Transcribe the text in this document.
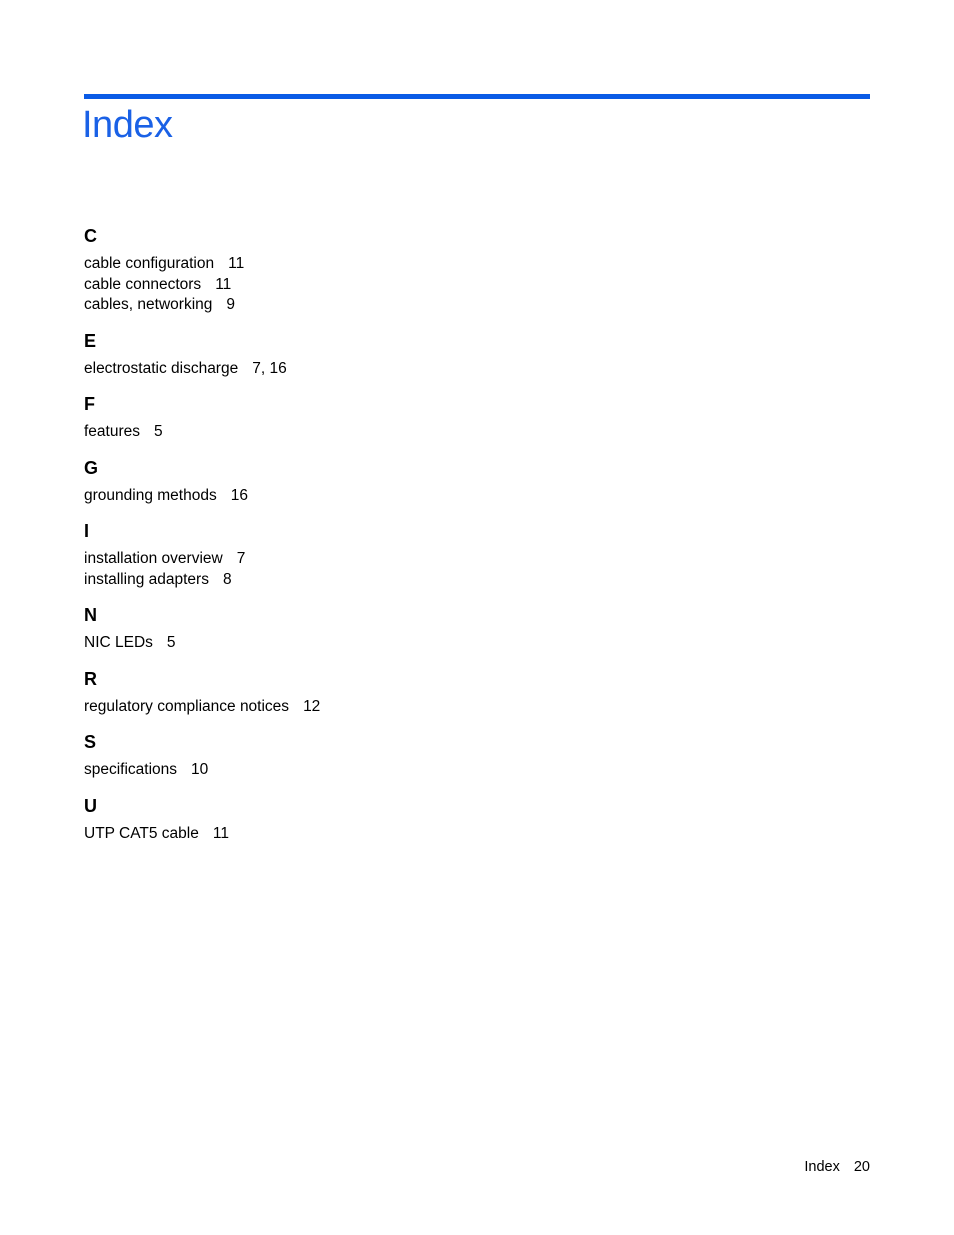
Index
C
cable configuration 11
cable connectors 11
cables, networking 9
E
electrostatic discharge 7, 16
F
features 5
G
grounding methods 16
I
installation overview 7
installing adapters 8
N
NIC LEDs 5
R
regulatory compliance notices 12
S
specifications 10
U
UTP CAT5 cable 11
Index 20
